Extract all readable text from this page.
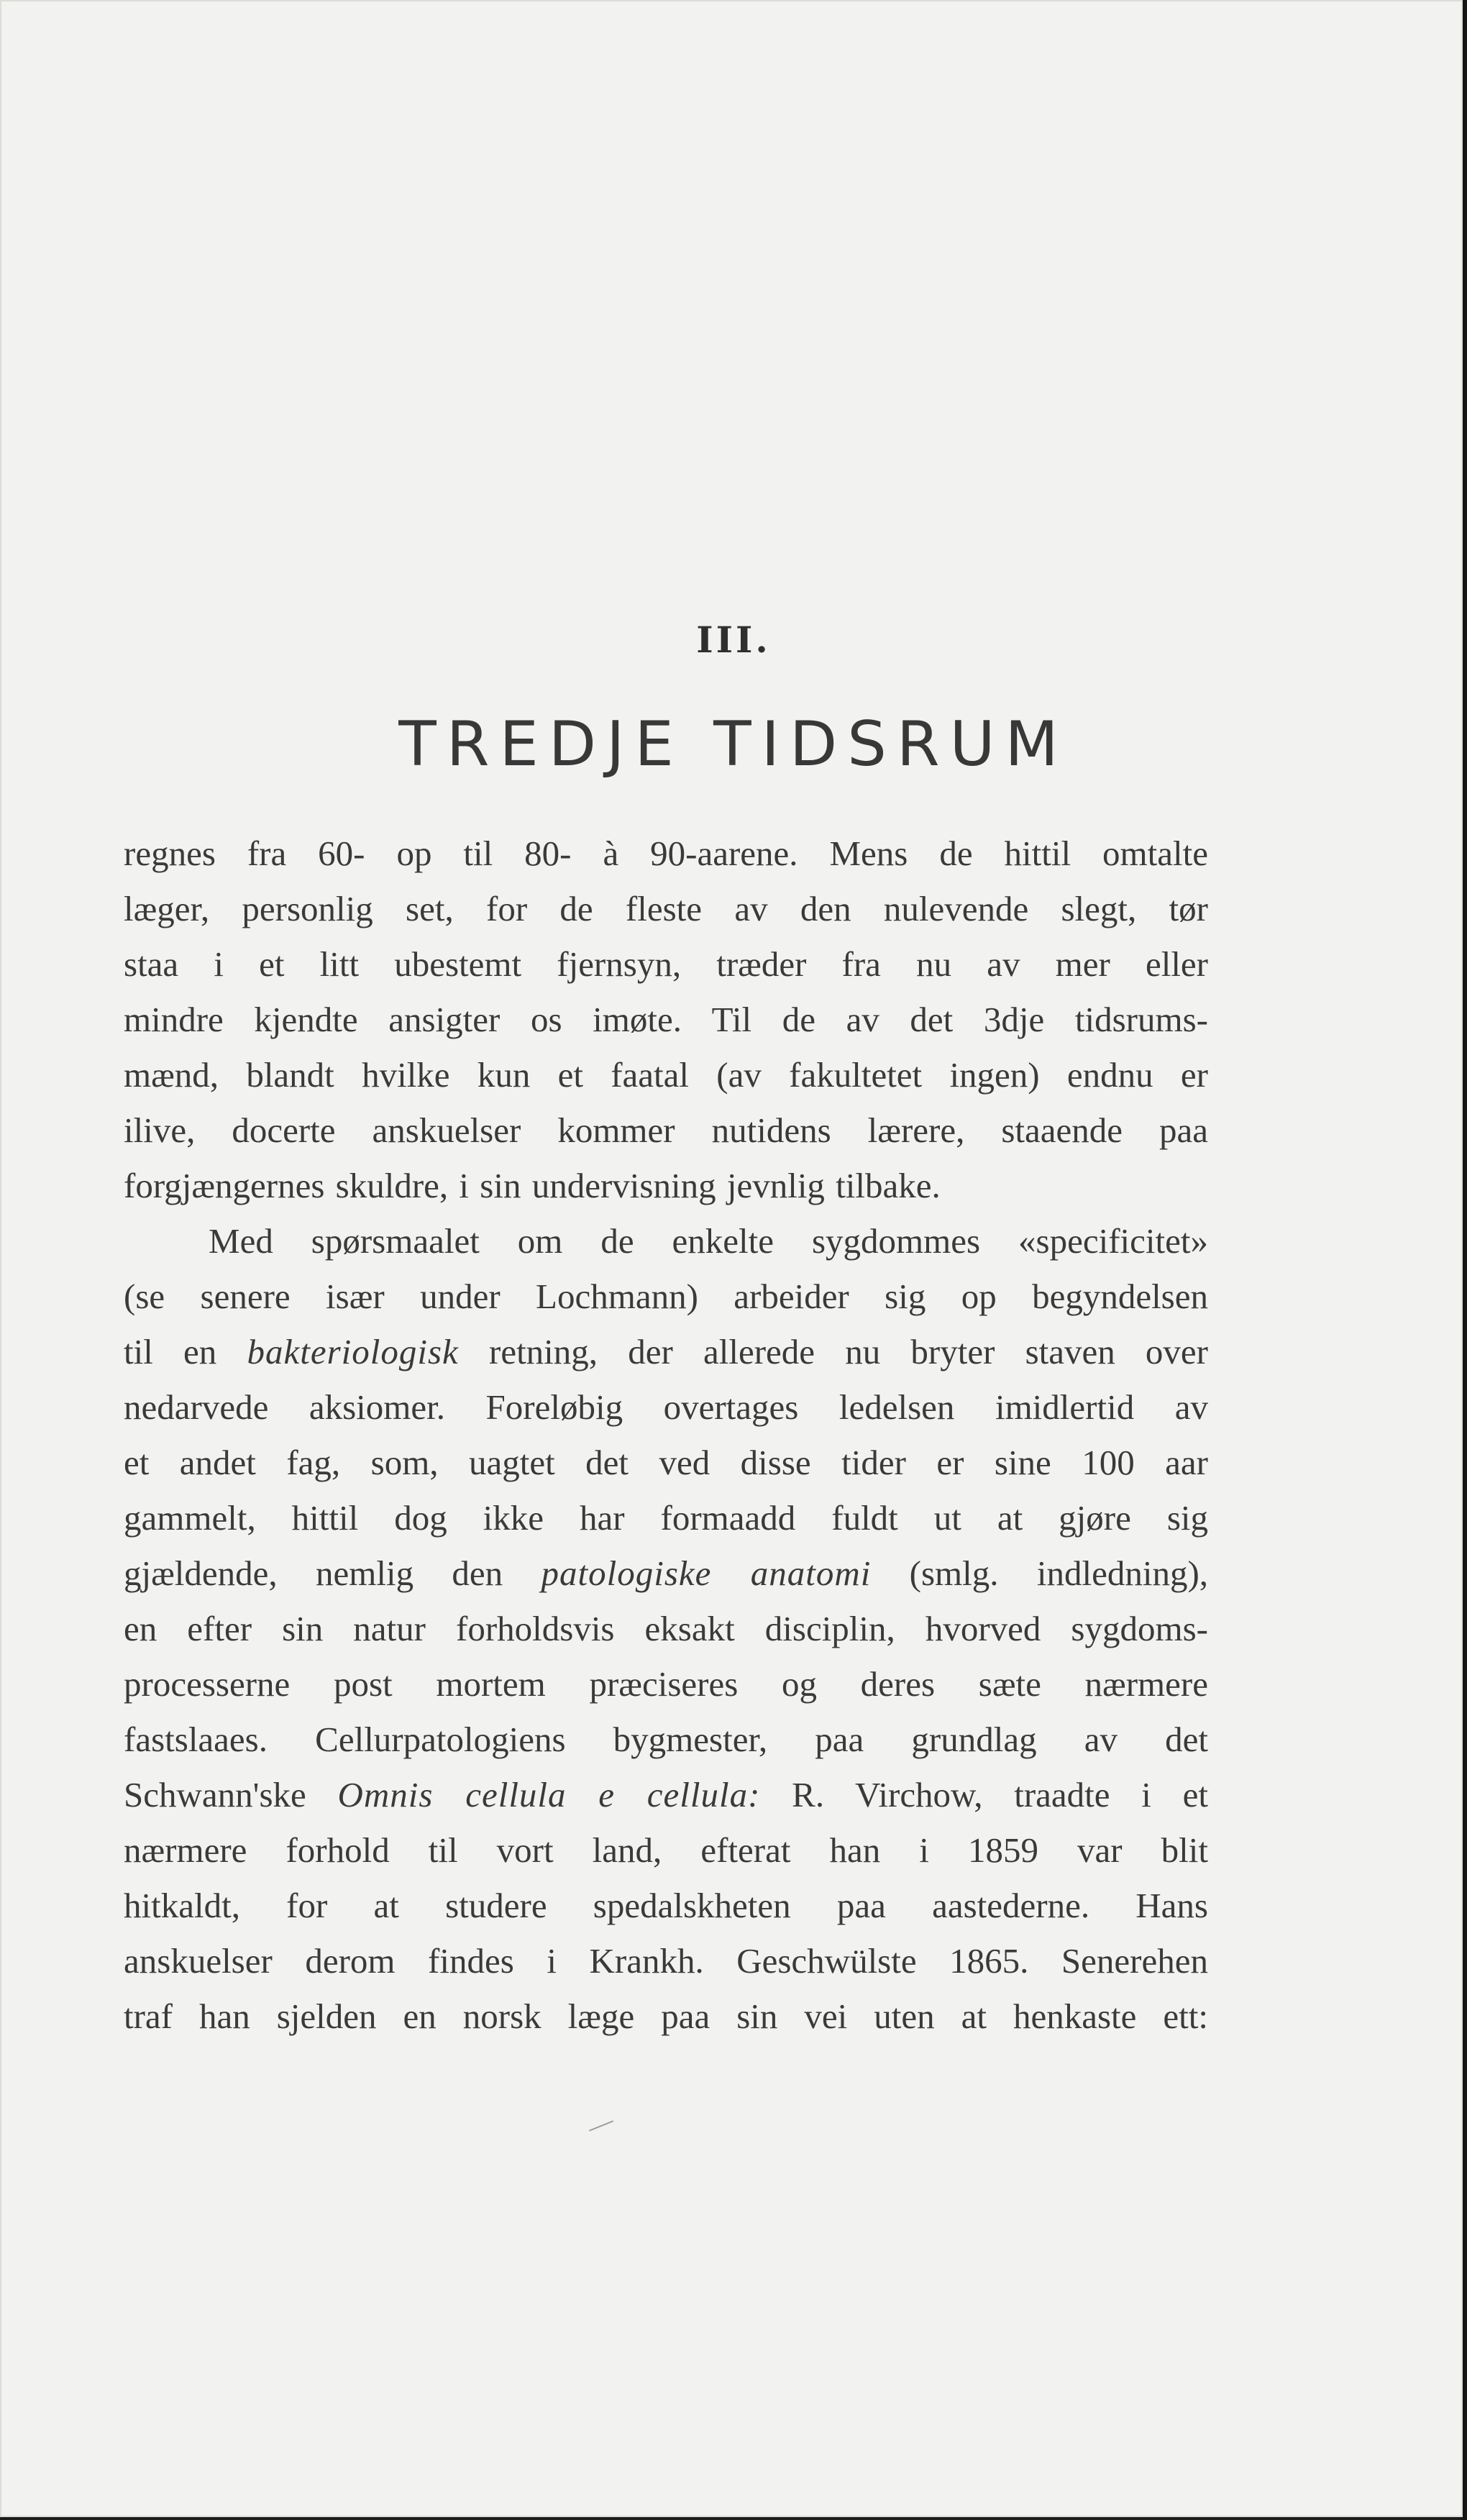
III.
TREDJE TIDSRUM
regnes fra 60- op til 80- à 90-aarene. Mens de hittil omtalte
læger, personlig set, for de fleste av den nulevende slegt, tør
staa i et litt ubestemt fjernsyn, træder fra nu av mer eller
mindre kjendte ansigter os imøte. Til de av det 3dje tidsrums-
mænd, blandt hvilke kun et faatal (av fakultetet ingen) endnu er
ilive, docerte anskuelser kommer nutidens lærere, staaende paa
forgjængernes skuldre, i sin undervisning jevnlig tilbake.
Med spørsmaalet om de enkelte sygdommes «specificitet»
(se senere især under Lochmann) arbeider sig op begyndelsen
til en bakteriologisk retning, der allerede nu bryter staven over
nedarvede aksiomer. Foreløbig overtages ledelsen imidlertid av
et andet fag, som, uagtet det ved disse tider er sine 100 aar
gammelt, hittil dog ikke har formaadd fuldt ut at gjøre sig
gjældende, nemlig den patologiske anatomi (smlg. indledning),
en efter sin natur forholdsvis eksakt disciplin, hvorved sygdoms-
processerne post mortem præciseres og deres sæte nærmere
fastslaaes. Cellurpatologiens bygmester, paa grundlag av det
Schwann'ske Omnis cellula e cellula: R. Virchow, traadte i et
nærmere forhold til vort land, efterat han i 1859 var blit
hitkaldt, for at studere spedalskheten paa aastederne. Hans
anskuelser derom findes i Krankh. Geschwülste 1865. Senerehen
traf han sjelden en norsk læge paa sin vei uten at henkaste ett:
